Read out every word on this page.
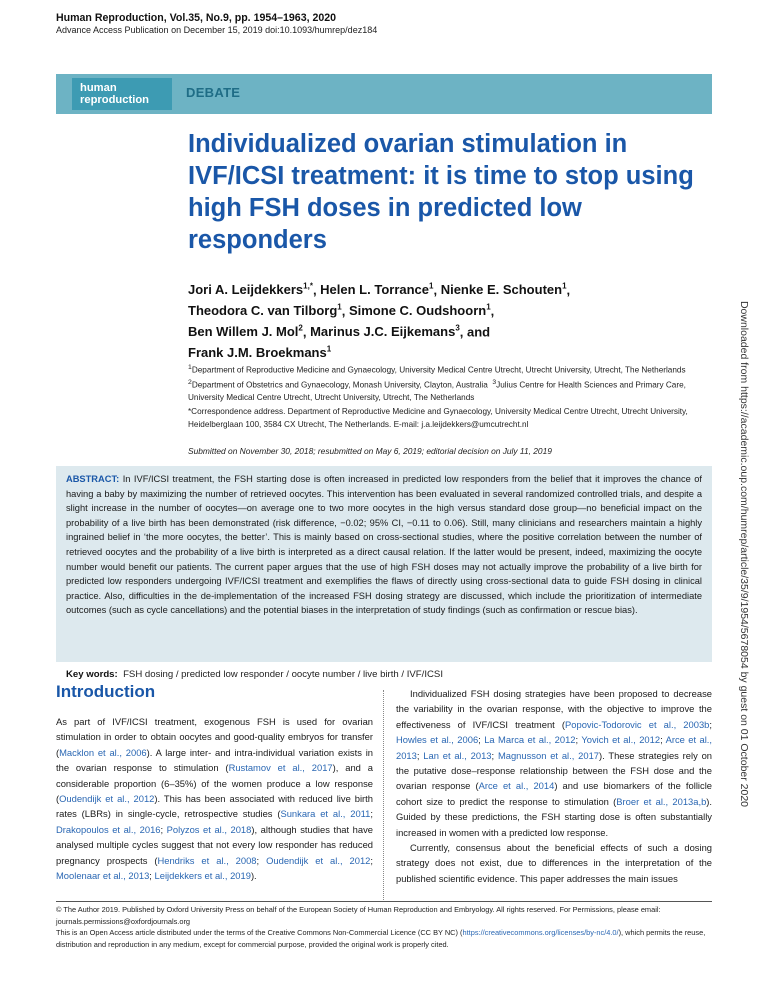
Human Reproduction, Vol.35, No.9, pp. 1954–1963, 2020
Advance Access Publication on December 15, 2019 doi:10.1093/humrep/dez184
human
reproduction	DEBATE
Individualized ovarian stimulation in IVF/ICSI treatment: it is time to stop using high FSH doses in predicted low responders
Jori A. Leijdekkers$^{1,*}$, Helen L. Torrance$^1$, Nienke E. Schouten$^1$,
Theodora C. van Tilborg$^1$, Simone C. Oudshoorn$^1$,
Ben Willem J. Mol$^2$, Marinus J.C. Eijkemans$^3$, and
Frank J.M. Broekmans$^1$
$^1$Department of Reproductive Medicine and Gynaecology, University Medical Centre Utrecht, Utrecht University, Utrecht, The Netherlands
$^2$Department of Obstetrics and Gynaecology, Monash University, Clayton, Australia $^3$Julius Centre for Health Sciences and Primary Care, University Medical Centre Utrecht, Utrecht University, Utrecht, The Netherlands
*Correspondence address. Department of Reproductive Medicine and Gynaecology, University Medical Centre Utrecht, Utrecht University, Heidelberglaan 100, 3584 CX Utrecht, The Netherlands. E-mail: j.a.leijdekkers@umcutrecht.nl
Submitted on November 30, 2018; resubmitted on May 6, 2019; editorial decision on July 11, 2019

ABSTRACT: In IVF/ICSI treatment, the FSH starting dose is often increased in predicted low responders from the belief that it improves the chance of having a baby by maximizing the number of retrieved oocytes. This intervention has been evaluated in several randomized controlled trials, and despite a slight increase in the number of oocytes—on average one to two more oocytes in the high versus standard dose group—no beneficial impact on the probability of a live birth has been demonstrated (risk difference, −0.02; 95% CI, −0.11 to 0.06). Still, many clinicians and researchers maintain a highly ingrained belief in ‘the more oocytes, the better’. This is mainly based on cross-sectional studies, where the positive correlation between the number of retrieved oocytes and the probability of a live birth is interpreted as a direct causal relation. If the latter would be present, indeed, maximizing the oocyte number would benefit our patients. The current paper argues that the use of high FSH doses may not actually improve the probability of a live birth for predicted low responders undergoing IVF/ICSI treatment and exemplifies the flaws of directly using cross-sectional data to guide FSH dosing in clinical practice. Also, difficulties in the de-implementation of the increased FSH dosing strategy are discussed, which include the prioritization of intermediate outcomes (such as cycle cancellations) and the potential biases in the interpretation of study findings (such as confirmation or rescue bias).

Key words: FSH dosing / predicted low responder / oocyte number / live birth / IVF/ICSI
Introduction

As part of IVF/ICSI treatment, exogenous FSH is used for ovarian stimulation in order to obtain oocytes and good-quality embryos for transfer (Macklon et al., 2006). A large inter- and intra-individual variation exists in the ovarian response to stimulation (Rustamov et al., 2017), and a considerable proportion (6–35%) of the women produce a low response (Oudendijk et al., 2012). This has been associated with reduced live birth rates (LBRs) in single-cycle, retrospective studies (Sunkara et al., 2011; Drakopoulos et al., 2016; Polyzos et al., 2018), although studies that have analysed multiple cycles suggest that not every low responder has reduced pregnancy prospects (Hendriks et al., 2008; Oudendijk et al., 2012; Moolenaar et al., 2013; Leijdekkers et al., 2019).

Individualized FSH dosing strategies have been proposed to decrease the variability in the ovarian response, with the objective to improve the effectiveness of IVF/ICSI treatment (Popovic-Todorovic et al., 2003b; Howles et al., 2006; La Marca et al., 2012; Yovich et al., 2012; Arce et al., 2013; Lan et al., 2013; Magnusson et al., 2017). These strategies rely on the putative dose–response relationship between the FSH dose and the ovarian response (Arce et al., 2014) and use biomarkers of the follicle cohort size to predict the response to stimulation (Broer et al., 2013a,b). Guided by these predictions, the FSH starting dose is often substantially increased in women with a predicted low response.

Currently, consensus about the beneficial effects of such a dosing strategy does not exist, due to differences in the interpretation of the published scientific evidence. This paper addresses the main issues

© The Author 2019. Published by Oxford University Press on behalf of the European Society of Human Reproduction and Embryology. All rights reserved. For Permissions, please email: journals.permissions@oxfordjournals.org

This is an Open Access article distributed under the terms of the Creative Commons Non-Commercial Licence (CC BY NC) (https://creativecommons.org/licenses/by-nc/4.0/), which permits the reuse, distribution and reproduction in any medium, except for commercial purpose, provided the original work is properly cited.

Downloaded from https://academic.oup.com/humrep/article/35/9/1954/5678054 by guest on 01 October 2020
